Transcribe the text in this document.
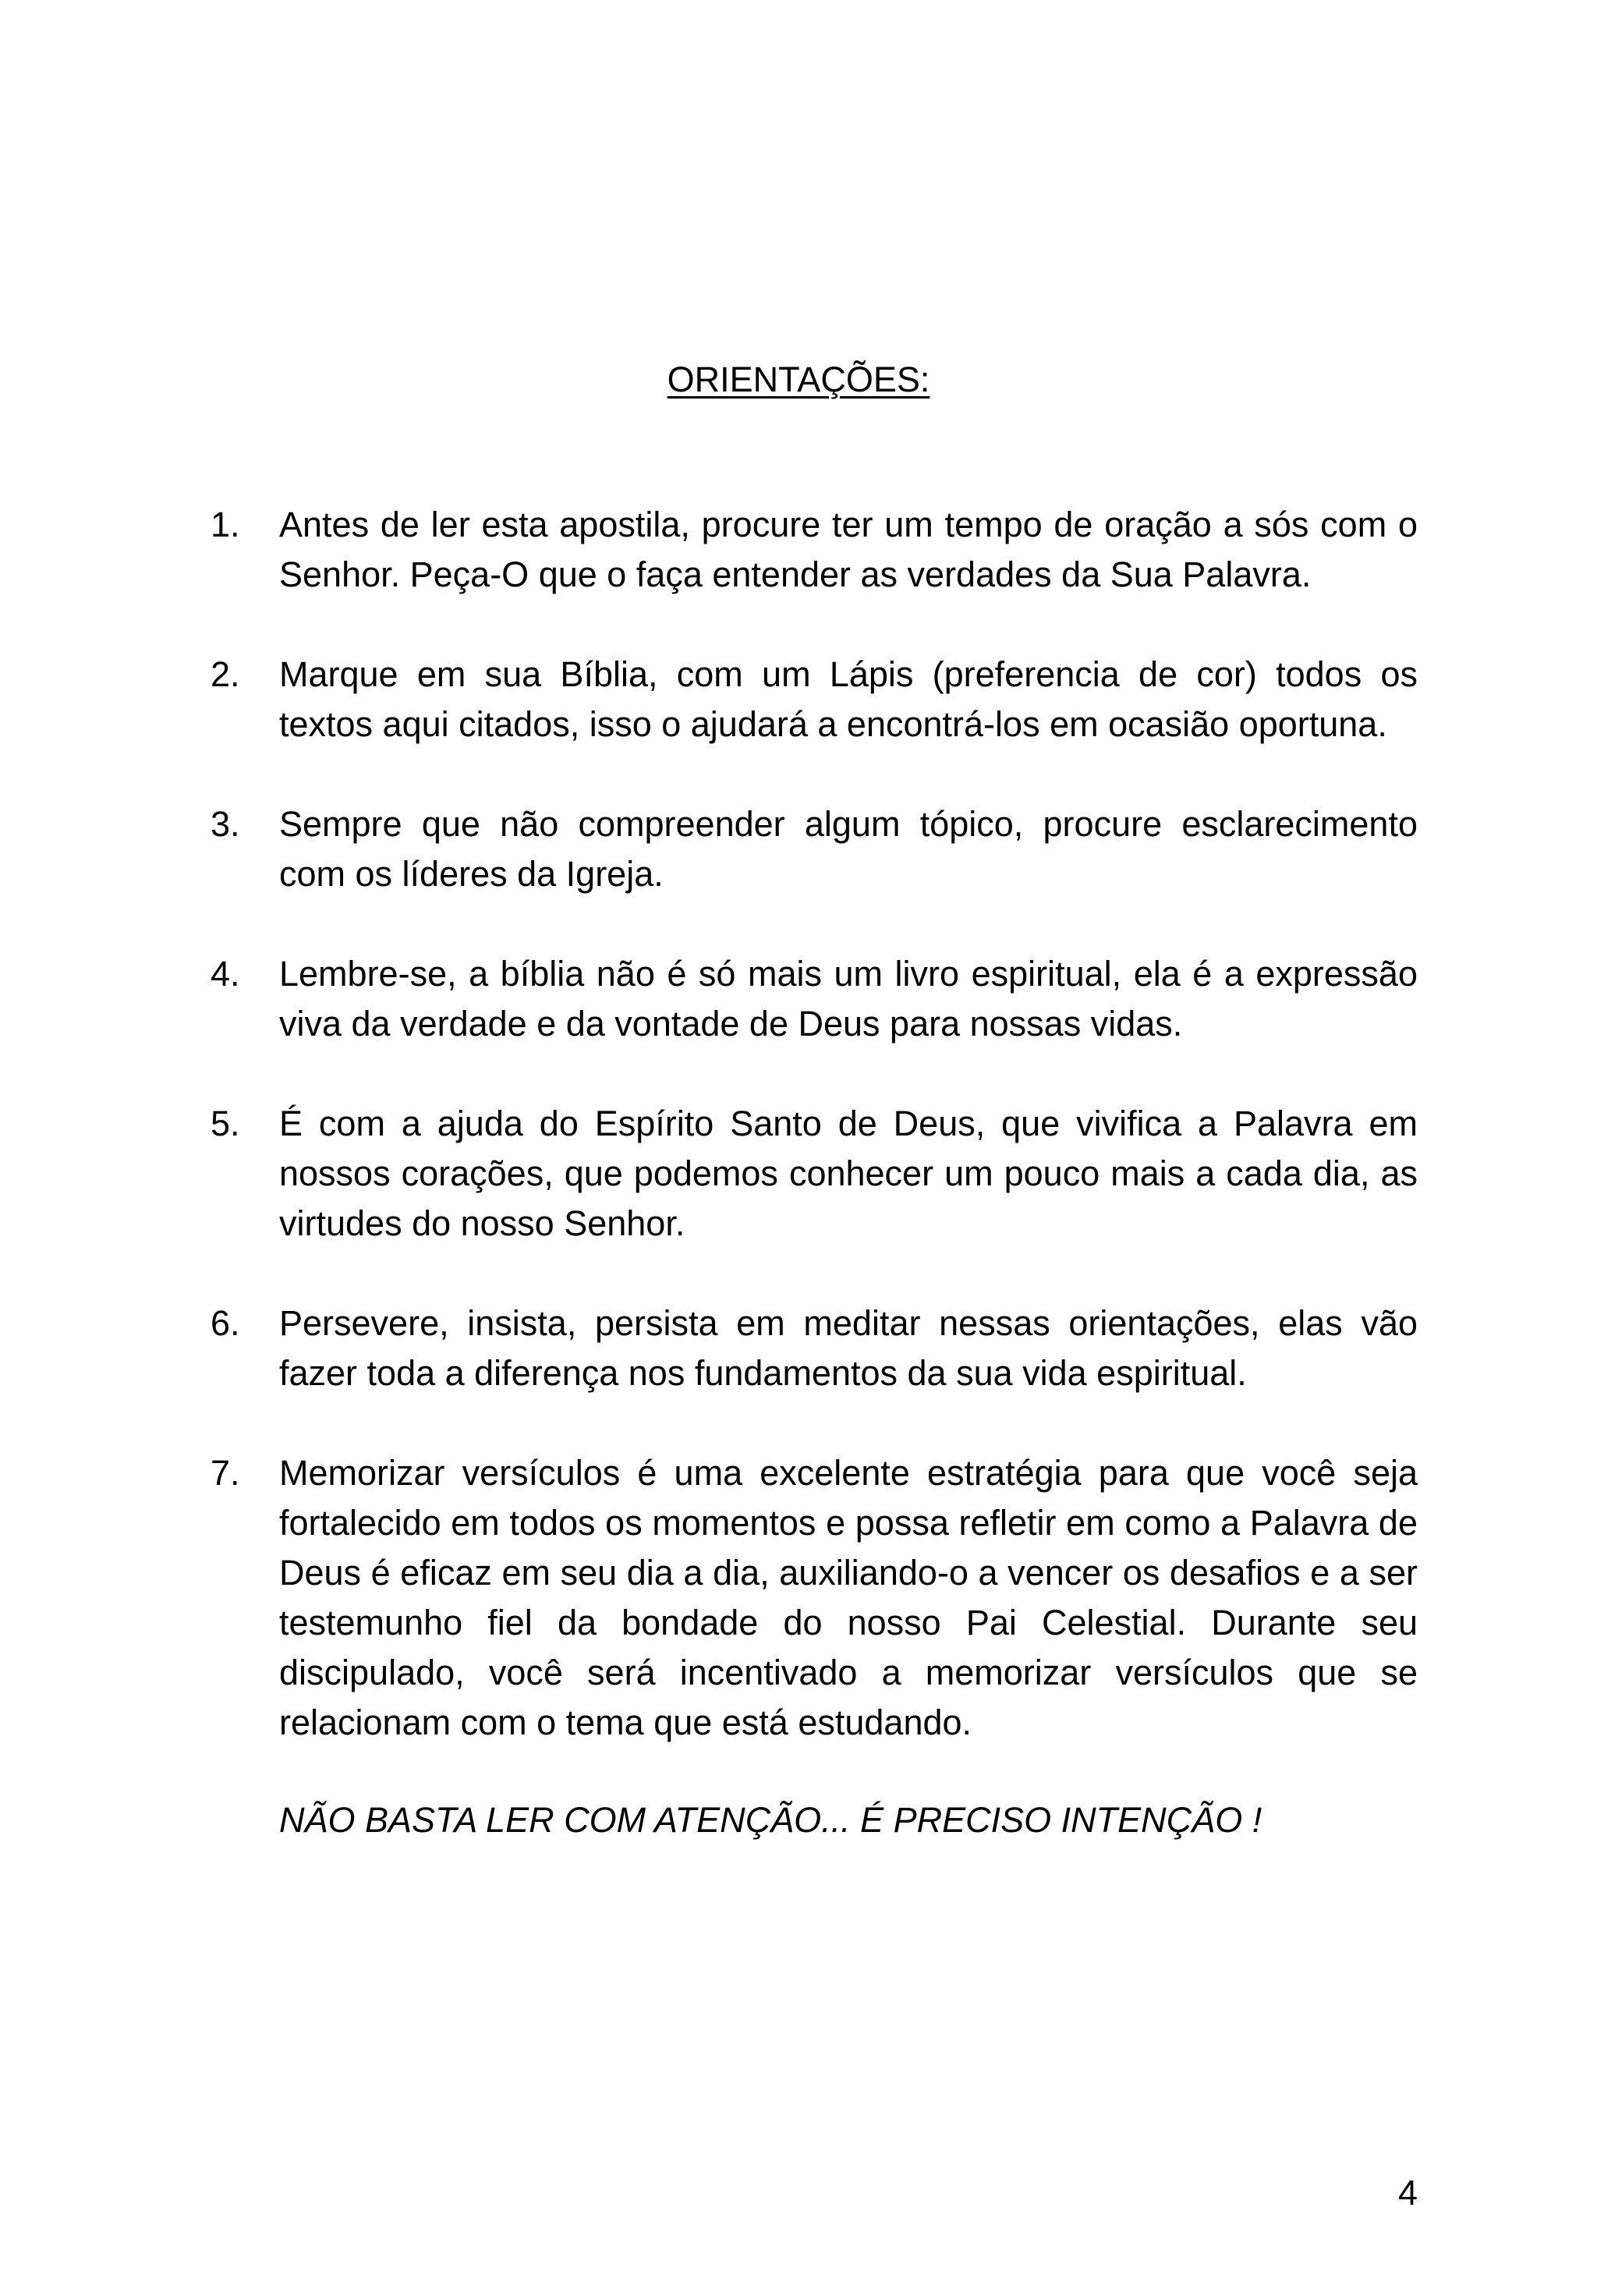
ORIENTAÇÕES:
1.	Antes de ler esta apostila, procure ter um tempo de oração a sós com o Senhor. Peça-O que o faça entender as verdades da Sua Palavra.
2.	Marque em sua Bíblia, com um Lápis (preferencia de cor) todos os textos aqui citados, isso o ajudará a encontrá-los em ocasião oportuna.
3.	Sempre que não compreender algum tópico, procure esclarecimento com os líderes da Igreja.
4.	Lembre-se, a bíblia não é só mais um livro espiritual, ela é a expressão viva da verdade e da vontade de Deus para nossas vidas.
5.	É com a ajuda do Espírito Santo de Deus, que vivifica a Palavra em nossos corações, que podemos conhecer um pouco mais a cada dia, as virtudes do nosso Senhor.
6.	Persevere, insista, persista em meditar nessas orientações, elas vão fazer toda a diferença nos fundamentos da sua vida espiritual.
7.	Memorizar versículos é uma excelente estratégia para que você seja fortalecido em todos os momentos e possa refletir em como a Palavra de Deus é eficaz em seu dia a dia, auxiliando-o a vencer os desafios e a ser testemunho fiel da bondade do nosso Pai Celestial. Durante seu discipulado, você será incentivado a memorizar versículos que se relacionam com o tema que está estudando.

NÃO BASTA LER COM ATENÇÃO... É PRECISO INTENÇÃO !

4
